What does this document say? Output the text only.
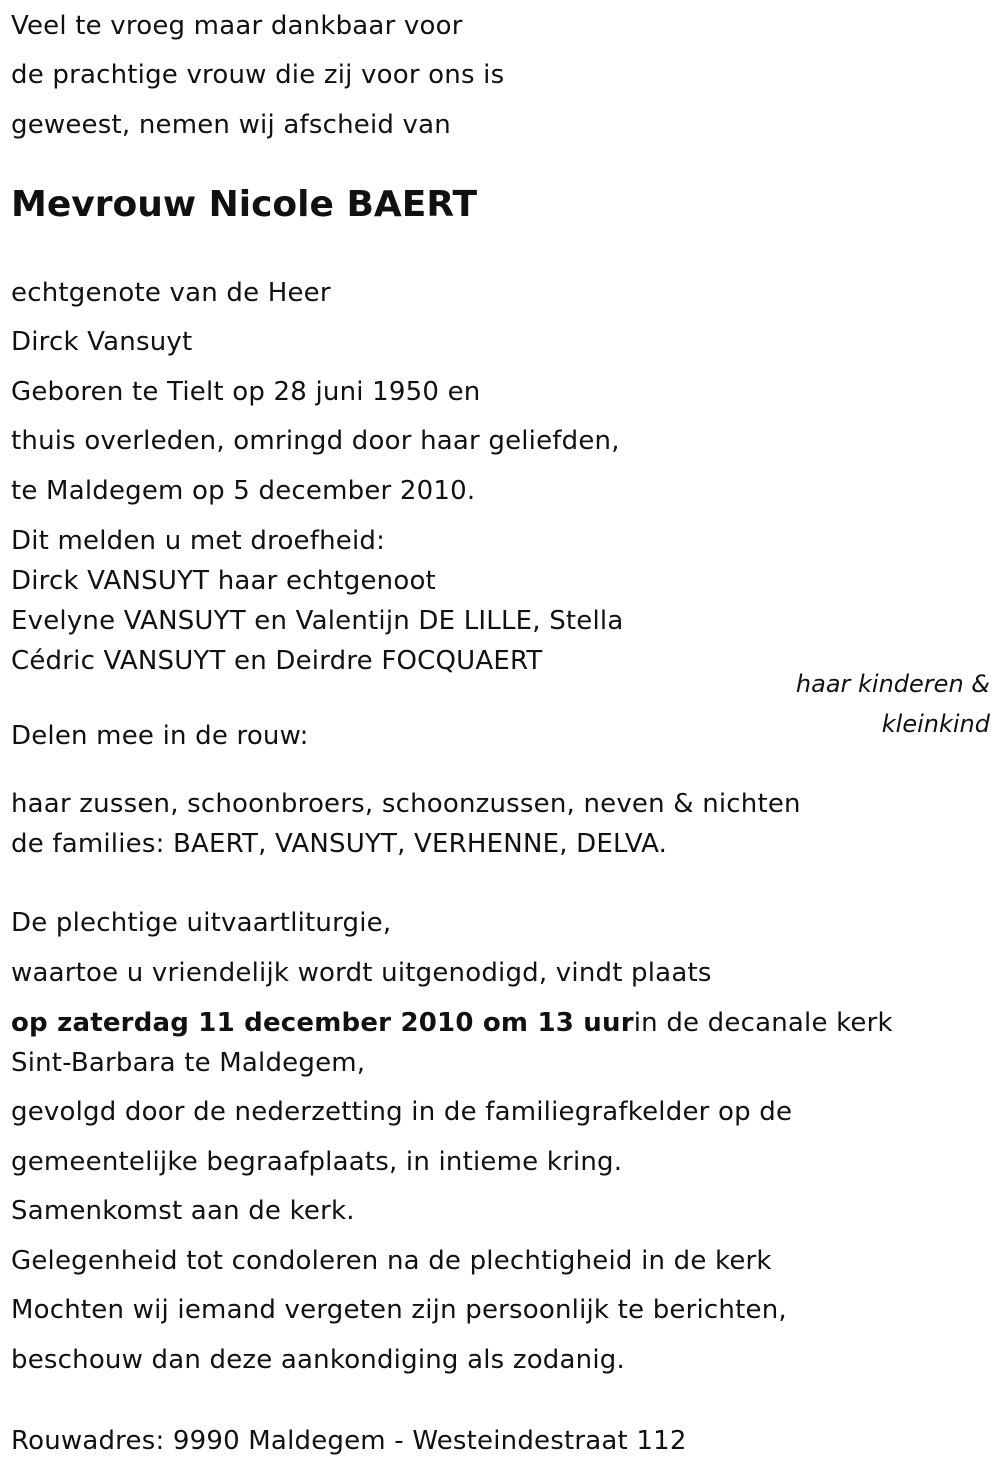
Veel te vroeg maar dankbaar voor
de prachtige vrouw die zij voor ons is
geweest, nemen wij afscheid van
Mevrouw Nicole BAERT
echtgenote van de Heer
Dirck Vansuyt
Geboren te Tielt op 28 juni 1950 en
thuis overleden, omringd door haar geliefden,
te Maldegem op 5 december 2010.
Dit melden u met droefheid:
Dirck VANSUYT haar echtgenoot
Evelyne VANSUYT en Valentijn DE LILLE, Stella
Cédric VANSUYT en Deirdre FOCQUAERT
haar kinderen &
kleinkind
Delen mee in de rouw:
haar zussen, schoonbroers, schoonzussen, neven & nichten
de families: BAERT, VANSUYT, VERHENNE, DELVA.
De plechtige uitvaartliturgie,
waartoe u vriendelijk wordt uitgenodigd, vindt plaats
op zaterdag 11 december 2010 om 13 uurin de decanale kerk
Sint-Barbara te Maldegem,
gevolgd door de nederzetting in de familiegrafkelder op de
gemeentelijke begraafplaats, in intieme kring.
Samenkomst aan de kerk.
Gelegenheid tot condoleren na de plechtigheid in de kerk
Mochten wij iemand vergeten zijn persoonlijk te berichten,
beschouw dan deze aankondiging als zodanig.
Rouwadres: 9990 Maldegem - Westeindestraat 112
